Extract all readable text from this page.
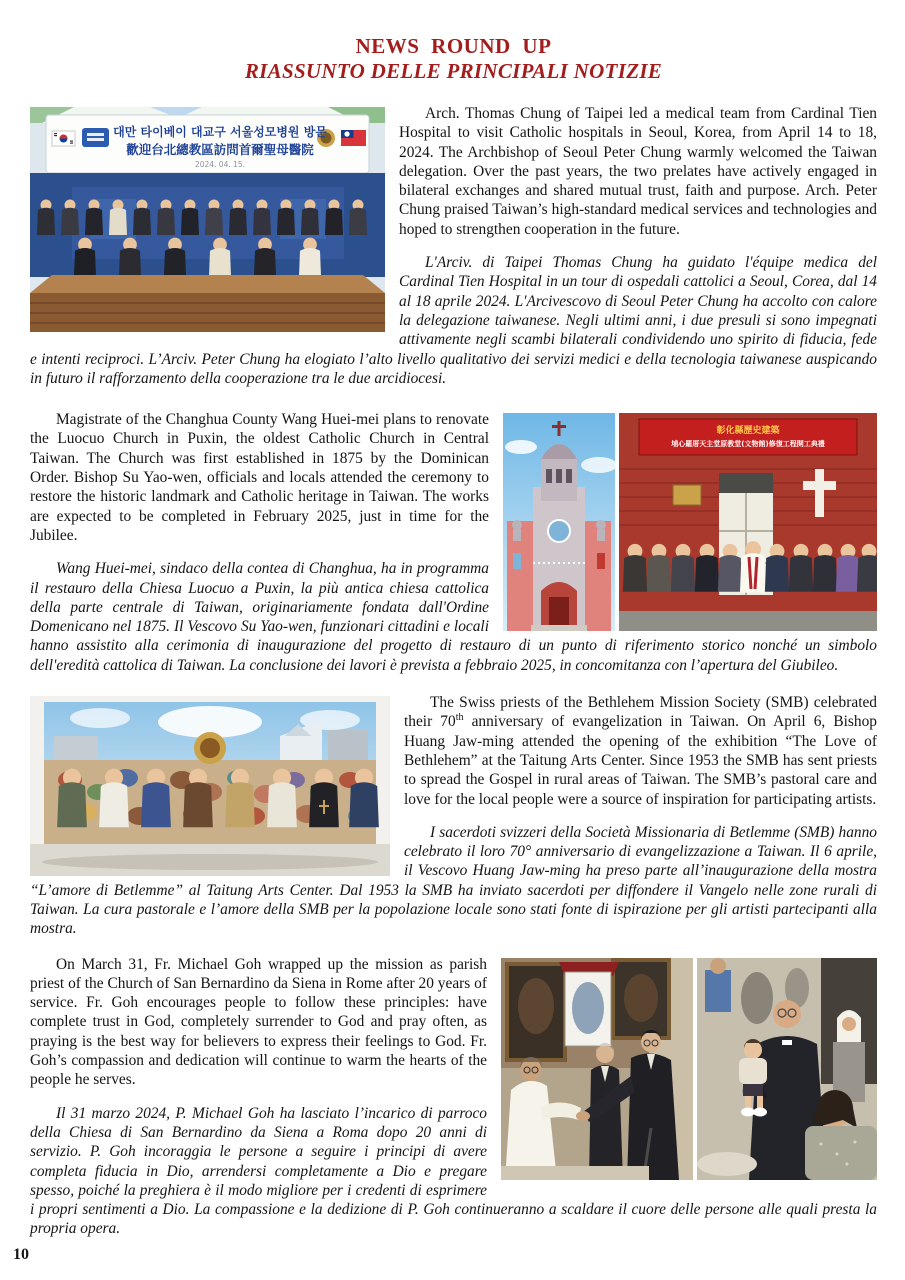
NEWS ROUND UP
RIASSUNTO DELLE PRINCIPALI NOTIZIE
대만 타이베이 대교구 서울성모병원 방문
歡迎台北總教區訪問首爾聖母醫院
2024. 04. 15.

Arch. Thomas Chung of Taipei led a medical team from Cardinal Tien Hospital to visit Catholic hospitals in Seoul, Korea, from April 14 to 18, 2024. The Archbishop of Seoul Peter Chung warmly welcomed the Taiwan delegation. Over the past years, the two prelates have actively engaged in bilateral exchanges and shared mutual trust, faith and purpose. Arch. Peter Chung praised Taiwan’s high-standard medical services and technologies and hoped to strengthen cooperation in the future.

L'Arciv. di Taipei Thomas Chung ha guidato l'équipe medica del Cardinal Tien Hospital in un tour di ospedali cattolici a Seoul, Corea, dal 14 al 18 aprile 2024. L'Arcivescovo di Seoul Peter Chung ha accolto con calore la delegazione taiwanese. Negli ultimi anni, i due presuli si sono impegnati attivamente negli scambi bilaterali condividendo uno spirito di fiducia, fede e intenti reciproci. L’Arciv. Peter Chung ha elogiato l’alto livello qualitativo dei servizi medici e della tecnologia taiwanese auspicando in futuro il rafforzamento della cooperazione tra le due arcidiocesi.

彰化縣歷史建築
埔心羅厝天主堂原教堂(文物館)修復工程開工典禮

Magistrate of the Changhua County Wang Huei-mei plans to renovate the Luocuo Church in Puxin, the oldest Catholic Church in Central Taiwan. The Church was first established in 1875 by the Dominican Order. Bishop Su Yao-wen, officials and locals attended the ceremony to restore the historic landmark and Catholic heritage in Taiwan. The works are expected to be completed in February 2025, just in time for the Jubilee.

Wang Huei-mei, sindaco della contea di Changhua, ha in programma il restauro della Chiesa Luocuo a Puxin, la più antica chiesa cattolica della parte centrale di Taiwan, originariamente fondata dall'Ordine Domenicano nel 1875. Il Vescovo Su Yao-wen, funzionari cittadini e locali hanno assistito alla cerimonia di inaugurazione del progetto di restauro di un punto di riferimento storico nonché un simbolo dell'eredità cattolica di Taiwan. La conclusione dei lavori è prevista a febbraio 2025, in concomitanza con l’apertura del Giubileo.

The Swiss priests of the Bethlehem Mission Society (SMB) celebrated their 70th anniversary of evangelization in Taiwan. On April 6, Bishop Huang Jaw-ming attended the opening of the exhibition “The Love of Bethlehem” at the Taitung Arts Center. Since 1953 the SMB has sent priests to spread the Gospel in rural areas of Taiwan. The SMB’s pastoral care and love for the local people were a source of inspiration for participating artists.

I sacerdoti svizzeri della Società Missionaria di Betlemme (SMB) hanno celebrato il loro 70° anniversario di evangelizzazione a Taiwan. Il 6 aprile, il Vescovo Huang Jaw-ming ha preso parte all’inaugurazione della mostra “L’amore di Betlemme” al Taitung Arts Center. Dal 1953 la SMB ha inviato sacerdoti per diffondere il Vangelo nelle zone rurali di Taiwan. La cura pastorale e l’amore della SMB per la popolazione locale sono stati fonte di ispirazione per gli artisti partecipanti alla mostra.

On March 31, Fr. Michael Goh wrapped up the mission as parish priest of the Church of San Bernardino da Siena in Rome after 20 years of service. Fr. Goh encourages people to follow these principles: have complete trust in God, completely surrender to God and pray often, as praying is the best way for believers to express their feelings to God. Fr. Goh’s compassion and dedication will continue to warm the hearts of the people he serves.

Il 31 marzo 2024, P. Michael Goh ha lasciato l’incarico di parroco della Chiesa di San Bernardino da Siena a Roma dopo 20 anni di servizio. P. Goh incoraggia le persone a seguire i principi di avere completa fiducia in Dio, arrendersi completamente a Dio e pregare spesso, poiché la preghiera è il modo migliore per i credenti di esprimere i propri sentimenti a Dio. La compassione e la dedizione di P. Goh continueranno a scaldare il cuore delle persone alle quali presta la propria opera.

10
